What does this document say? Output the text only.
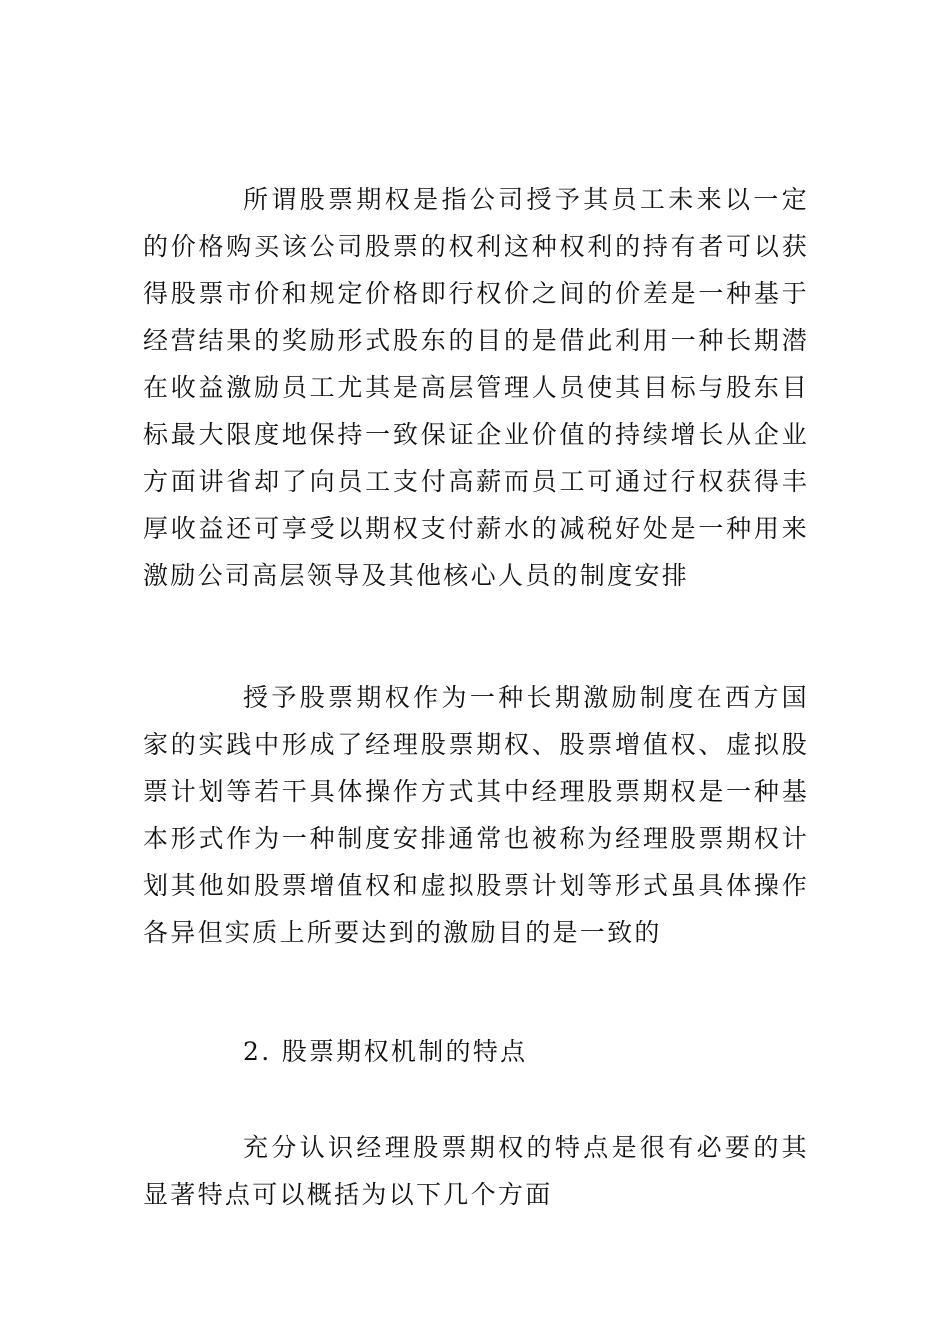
所谓股票期权是指公司授予其员工未来以一定的价格购买该公司股票的权利这种权利的持有者可以获得股票市价和规定价格即行权价之间的价差是一种基于经营结果的奖励形式股东的目的是借此利用一种长期潜在收益激励员工尤其是高层管理人员使其目标与股东目标最大限度地保持一致保证企业价值的持续增长从企业方面讲省却了向员工支付高薪而员工可通过行权获得丰厚收益还可享受以期权支付薪水的减税好处是一种用来激励公司高层领导及其他核心人员的制度安排

授予股票期权作为一种长期激励制度在西方国家的实践中形成了经理股票期权、股票增值权、虚拟股票计划等若干具体操作方式其中经理股票期权是一种基本形式作为一种制度安排通常也被称为经理股票期权计划其他如股票增值权和虚拟股票计划等形式虽具体操作各异但实质上所要达到的激励目的是一致的

2. 股票期权机制的特点

充分认识经理股票期权的特点是很有必要的其显著特点可以概括为以下几个方面
